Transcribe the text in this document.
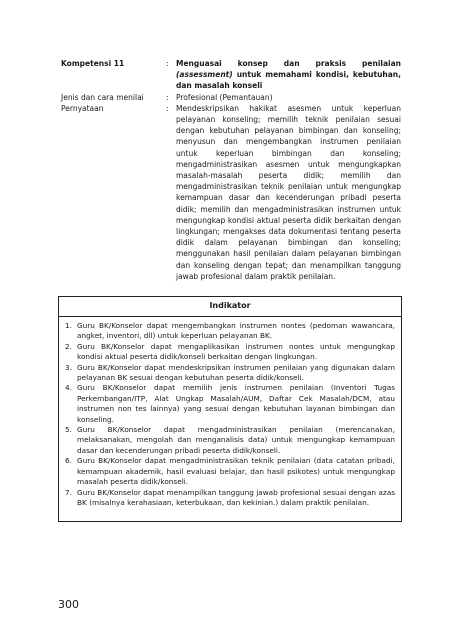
Kompetensi 11	: Menguasai konsep dan praksis penilaian (assessment) untuk memahami kondisi, kebutuhan, dan masalah konseli
Jenis dan cara menilai	: Profesional (Pemantauan)
Pernyataan	: Mendeskripsikan hakikat asesmen untuk keperluan pelayanan konseling; memilih teknik penilaian sesuai dengan kebutuhan pelayanan bimbingan dan konseling; menyusun dan mengembangkan instrumen penilaian untuk keperluan bimbingan dan konseling; mengadministrasikan asesmen untuk mengungkapkan masalah-masalah peserta didik; memilih dan mengadministrasikan teknik penilaian untuk mengungkap kemampuan dasar dan kecenderungan pribadi peserta didik; memilih dan mengadministrasikan instrumen untuk mengungkap kondisi aktual peserta didik berkaitan dengan lingkungan; mengakses data dokumentasi tentang peserta didik dalam pelayanan bimbingan dan konseling; menggunakan hasil penilaian dalam pelayanan bimbingan dan konseling dengan tepat; dan menampilkan tanggung jawab profesional dalam praktik penilaian.
Indikator
1. Guru BK/Konselor dapat mengembangkan instrumen nontes (pedoman wawancara, angket, inventori, dll) untuk keperluan pelayanan BK.
2. Guru BK/Konselor dapat mengaplikasikan instrumen nontes untuk mengungkap kondisi aktual peserta didik/konseli berkaitan dengan lingkungan.
3. Guru BK/Konselor dapat mendeskripsikan instrumen penilaian yang digunakan dalam pelayanan BK sesuai dengan kebutuhan peserta didik/konseli.
4. Guru BK/Konselor dapat memilih jenis instrumen penilaian (Inventori Tugas Perkembangan/ITP, Alat Ungkap Masalah/AUM, Daftar Cek Masalah/DCM, atau instrumen non tes lainnya) yang sesuai dengan kebutuhan layanan bimbingan dan konseling.
5. Guru BK/Konselor dapat mengadministrasikan penilaian (merencanakan, melaksanakan, mengolah dan menganalisis data) untuk mengungkap kemampuan dasar dan kecenderungan pribadi peserta didik/konseli.
6. Guru BK/Konselor dapat mengadministrasikan teknik penilaian (data catatan pribadi, kemampuan akademik, hasil evaluasi belajar, dan hasil psikotes) untuk mengungkap masalah peserta didik/konseli.
7. Guru BK/Konselor dapat menampilkan tanggung jawab profesional sesuai dengan azas BK (misalnya kerahasiaan, keterbukaan, dan kekinian.) dalam praktik penilaian.
300
